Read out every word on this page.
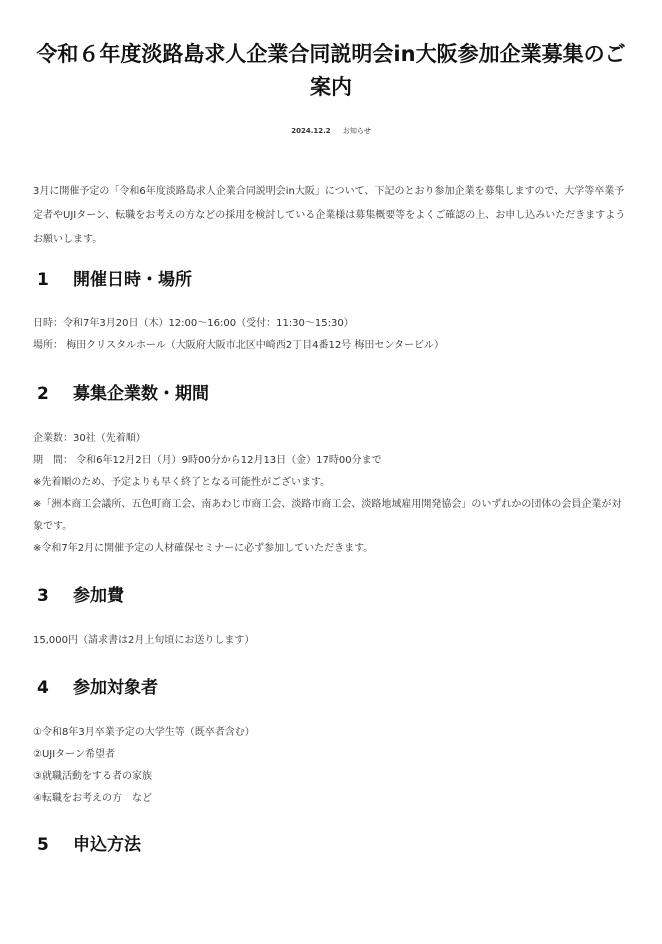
令和６年度淡路島求人企業合同説明会in大阪参加企業募集のご案内
2024.12.2 お知らせ

3月に開催予定の「令和6年度淡路島求人企業合同説明会in大阪」について、下記のとおり参加企業を募集しますので、大学等卒業予定者やUJIターン、転職をお考えの方などの採用を検討している企業様は募集概要等をよくご確認の上、お申し込みいただきますようお願いします。

1 開催日時・場所
日時：令和7年3月20日（木）12:00～16:00（受付：11:30～15:30）
場所： 梅田クリスタルホール（大阪府大阪市北区中崎西2丁目4番12号 梅田センタービル）
2 募集企業数・期間
企業数：30社（先着順）
期　間： 令和6年12月2日（月）9時00分から12月13日（金）17時00分まで
※先着順のため、予定よりも早く終了となる可能性がございます。
※「洲本商工会議所、五色町商工会、南あわじ市商工会、淡路市商工会、淡路地域雇用開発協会」のいずれかの団体の会員企業が対象です。
※令和7年2月に開催予定の人材確保セミナーに必ず参加していただきます。
3 参加費
15,000円（請求書は2月上旬頃にお送りします）
4 参加対象者
①令和8年3月卒業予定の大学生等（既卒者含む）
②UJIターン希望者
③就職活動をする者の家族
④転職をお考えの方　など
5 申込方法
